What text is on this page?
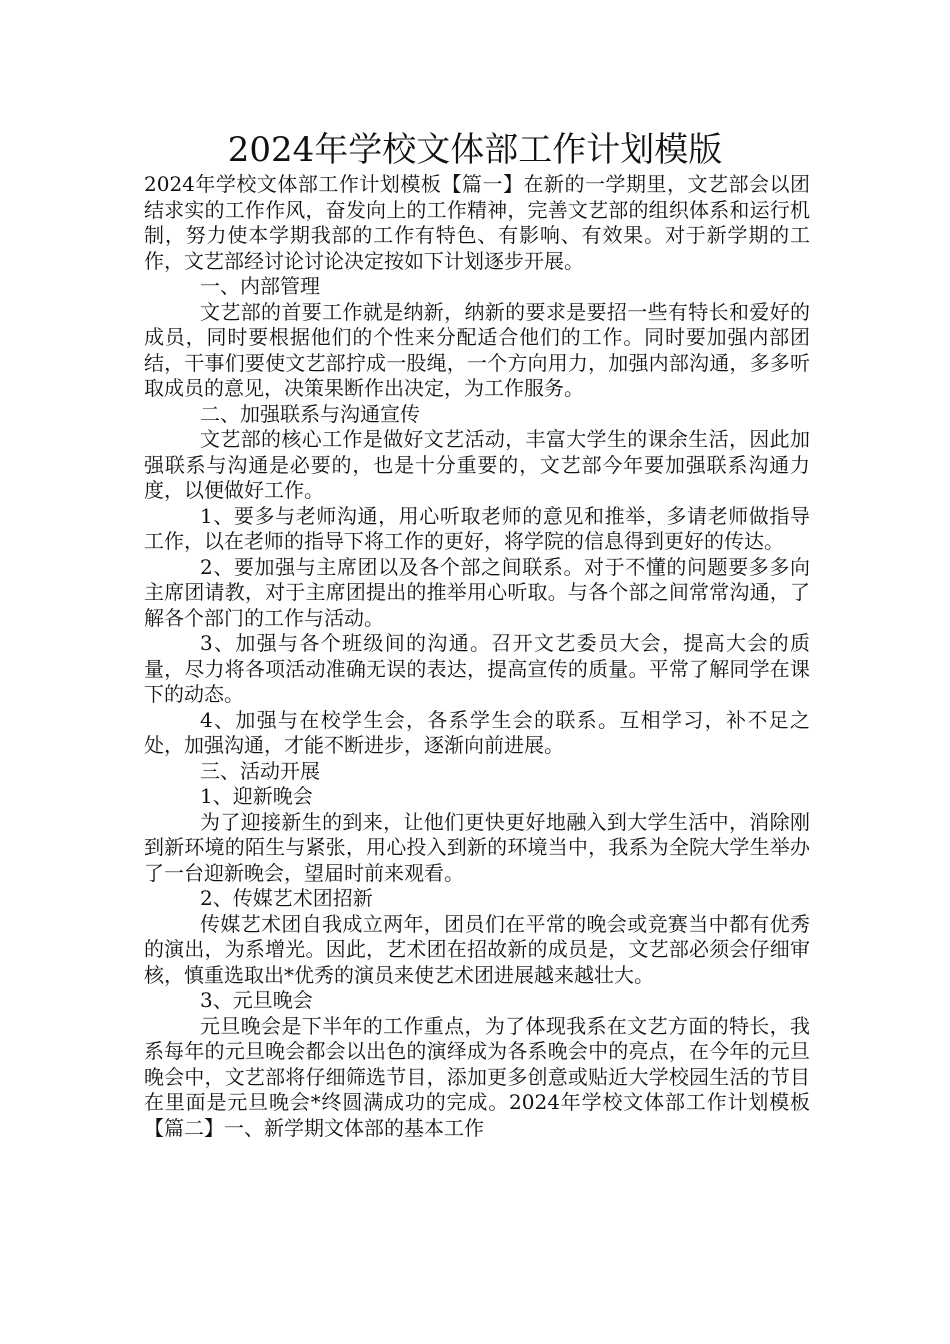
2024年学校文体部工作计划模版

2024年学校文体部工作计划模板【篇一】在新的一学期里，文艺部会以团结求实的工作作风，奋发向上的工作精神，完善文艺部的组织体系和运行机制，努力使本学期我部的工作有特色、有影响、有效果。对于新学期的工作，文艺部经讨论讨论决定按如下计划逐步开展。

一、内部管理

文艺部的首要工作就是纳新，纳新的要求是要招一些有特长和爱好的成员，同时要根据他们的个性来分配适合他们的工作。同时要加强内部团结，干事们要使文艺部拧成一股绳，一个方向用力，加强内部沟通，多多听取成员的意见，决策果断作出决定，为工作服务。

二、加强联系与沟通宣传

文艺部的核心工作是做好文艺活动，丰富大学生的课余生活，因此加强联系与沟通是必要的，也是十分重要的，文艺部今年要加强联系沟通力度，以便做好工作。

1、要多与老师沟通，用心听取老师的意见和推举，多请老师做指导工作，以在老师的指导下将工作的更好，将学院的信息得到更好的传达。

2、要加强与主席团以及各个部之间联系。对于不懂的问题要多多向主席团请教，对于主席团提出的推举用心听取。与各个部之间常常沟通，了解各个部门的工作与活动。

3、加强与各个班级间的沟通。召开文艺委员大会，提高大会的质量，尽力将各项活动准确无误的表达，提高宣传的质量。平常了解同学在课下的动态。

4、加强与在校学生会，各系学生会的联系。互相学习，补不足之处，加强沟通，才能不断进步，逐渐向前进展。

三、活动开展

1、迎新晚会

为了迎接新生的到来，让他们更快更好地融入到大学生活中，消除刚到新环境的陌生与紧张，用心投入到新的环境当中，我系为全院大学生举办了一台迎新晚会，望届时前来观看。

2、传媒艺术团招新

传媒艺术团自我成立两年，团员们在平常的晚会或竞赛当中都有优秀的演出，为系增光。因此，艺术团在招故新的成员是，文艺部必须会仔细审核，慎重选取出*优秀的演员来使艺术团进展越来越壮大。

3、元旦晚会

元旦晚会是下半年的工作重点，为了体现我系在文艺方面的特长，我系每年的元旦晚会都会以出色的演绎成为各系晚会中的亮点，在今年的元旦晚会中，文艺部将仔细筛选节目，添加更多创意或贴近大学校园生活的节目在里面是元旦晚会*终圆满成功的完成。2024年学校文体部工作计划模板【篇二】一、新学期文体部的基本工作
